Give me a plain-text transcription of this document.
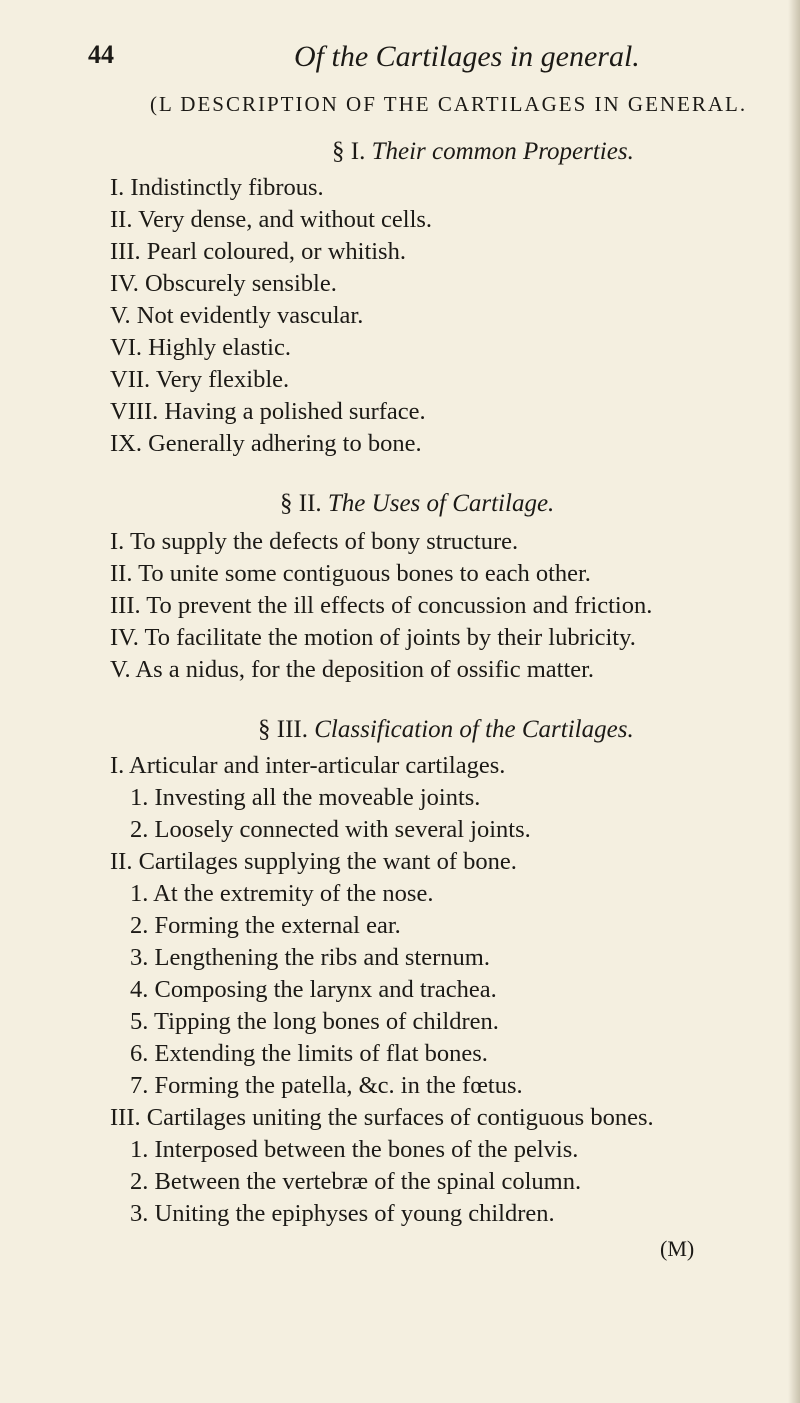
44	Of the Cartilages in general.
(L DESCRIPTION OF THE CARTILAGES IN GENERAL.
§ I. Their common Properties.
I. Indistinctly fibrous.
II. Very dense, and without cells.
III. Pearl coloured, or whitish.
IV. Obscurely sensible.
V. Not evidently vascular.
VI. Highly elastic.
VII. Very flexible.
VIII. Having a polished surface.
IX. Generally adhering to bone.
§ II. The Uses of Cartilage.
I. To supply the defects of bony structure.
II. To unite some contiguous bones to each other.
III. To prevent the ill effects of concussion and friction.
IV. To facilitate the motion of joints by their lubricity.
V. As a nidus, for the deposition of ossific matter.
§ III. Classification of the Cartilages.
I. Articular and inter-articular cartilages.
1. Investing all the moveable joints.
2. Loosely connected with several joints.
II. Cartilages supplying the want of bone.
1. At the extremity of the nose.
2. Forming the external ear.
3. Lengthening the ribs and sternum.
4. Composing the larynx and trachea.
5. Tipping the long bones of children.
6. Extending the limits of flat bones.
7. Forming the patella, &c. in the fœtus.
III. Cartilages uniting the surfaces of contiguous bones.
1. Interposed between the bones of the pelvis.
2. Between the vertebræ of the spinal column.
3. Uniting the epiphyses of young children.
(M)
